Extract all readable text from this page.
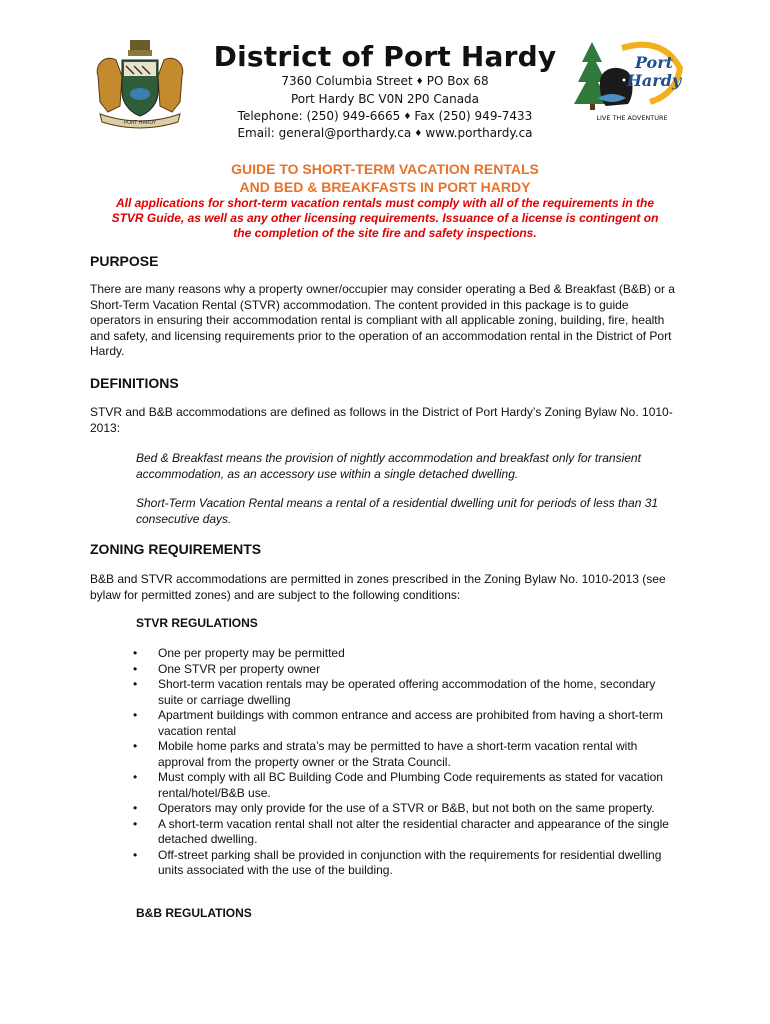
PORT HARDY
Port
Hardy
LIVE THE ADVENTURE
District of Port Hardy
7360 Columbia Street ♦ PO Box 68
Port Hardy BC V0N 2P0 Canada
Telephone: (250) 949-6665 ♦ Fax (250) 949-7433
Email: general@porthardy.ca ♦ www.porthardy.ca
GUIDE TO SHORT-TERM VACATION RENTALS
AND BED & BREAKFASTS IN PORT HARDY
All applications for short-term vacation rentals must comply with all of the requirements in the
STVR Guide, as well as any other licensing requirements. Issuance of a license is contingent on
the completion of the site fire and safety inspections.
PURPOSE
There are many reasons why a property owner/occupier may consider operating a Bed & Breakfast (B&B) or a Short-Term Vacation Rental (STVR) accommodation. The content provided in this package is to guide operators in ensuring their accommodation rental is compliant with all applicable zoning, building, fire, health and safety, and licensing requirements prior to the operation of an accommodation rental in the District of Port Hardy.
DEFINITIONS
STVR and B&B accommodations are defined as follows in the District of Port Hardy’s Zoning Bylaw No. 1010-2013:
Bed & Breakfast means the provision of nightly accommodation and breakfast only for transient accommodation, as an accessory use within a single detached dwelling.
Short-Term Vacation Rental means a rental of a residential dwelling unit for periods of less than 31 consecutive days.
ZONING REQUIREMENTS
B&B and STVR accommodations are permitted in zones prescribed in the Zoning Bylaw No. 1010-2013 (see bylaw for permitted zones) and are subject to the following conditions:
STVR REGULATIONS
• One per property may be permitted
• One STVR per property owner
• Short-term vacation rentals may be operated offering accommodation of the home, secondary suite or carriage dwelling
• Apartment buildings with common entrance and access are prohibited from having a short-term vacation rental
• Mobile home parks and strata’s may be permitted to have a short-term vacation rental with approval from the property owner or the Strata Council.
• Must comply with all BC Building Code and Plumbing Code requirements as stated for vacation rental/hotel/B&B use.
• Operators may only provide for the use of a STVR or B&B, but not both on the same property.
• A short-term vacation rental shall not alter the residential character and appearance of the single detached dwelling.
• Off-street parking shall be provided in conjunction with the requirements for residential dwelling units associated with the use of the building.
B&B REGULATIONS
